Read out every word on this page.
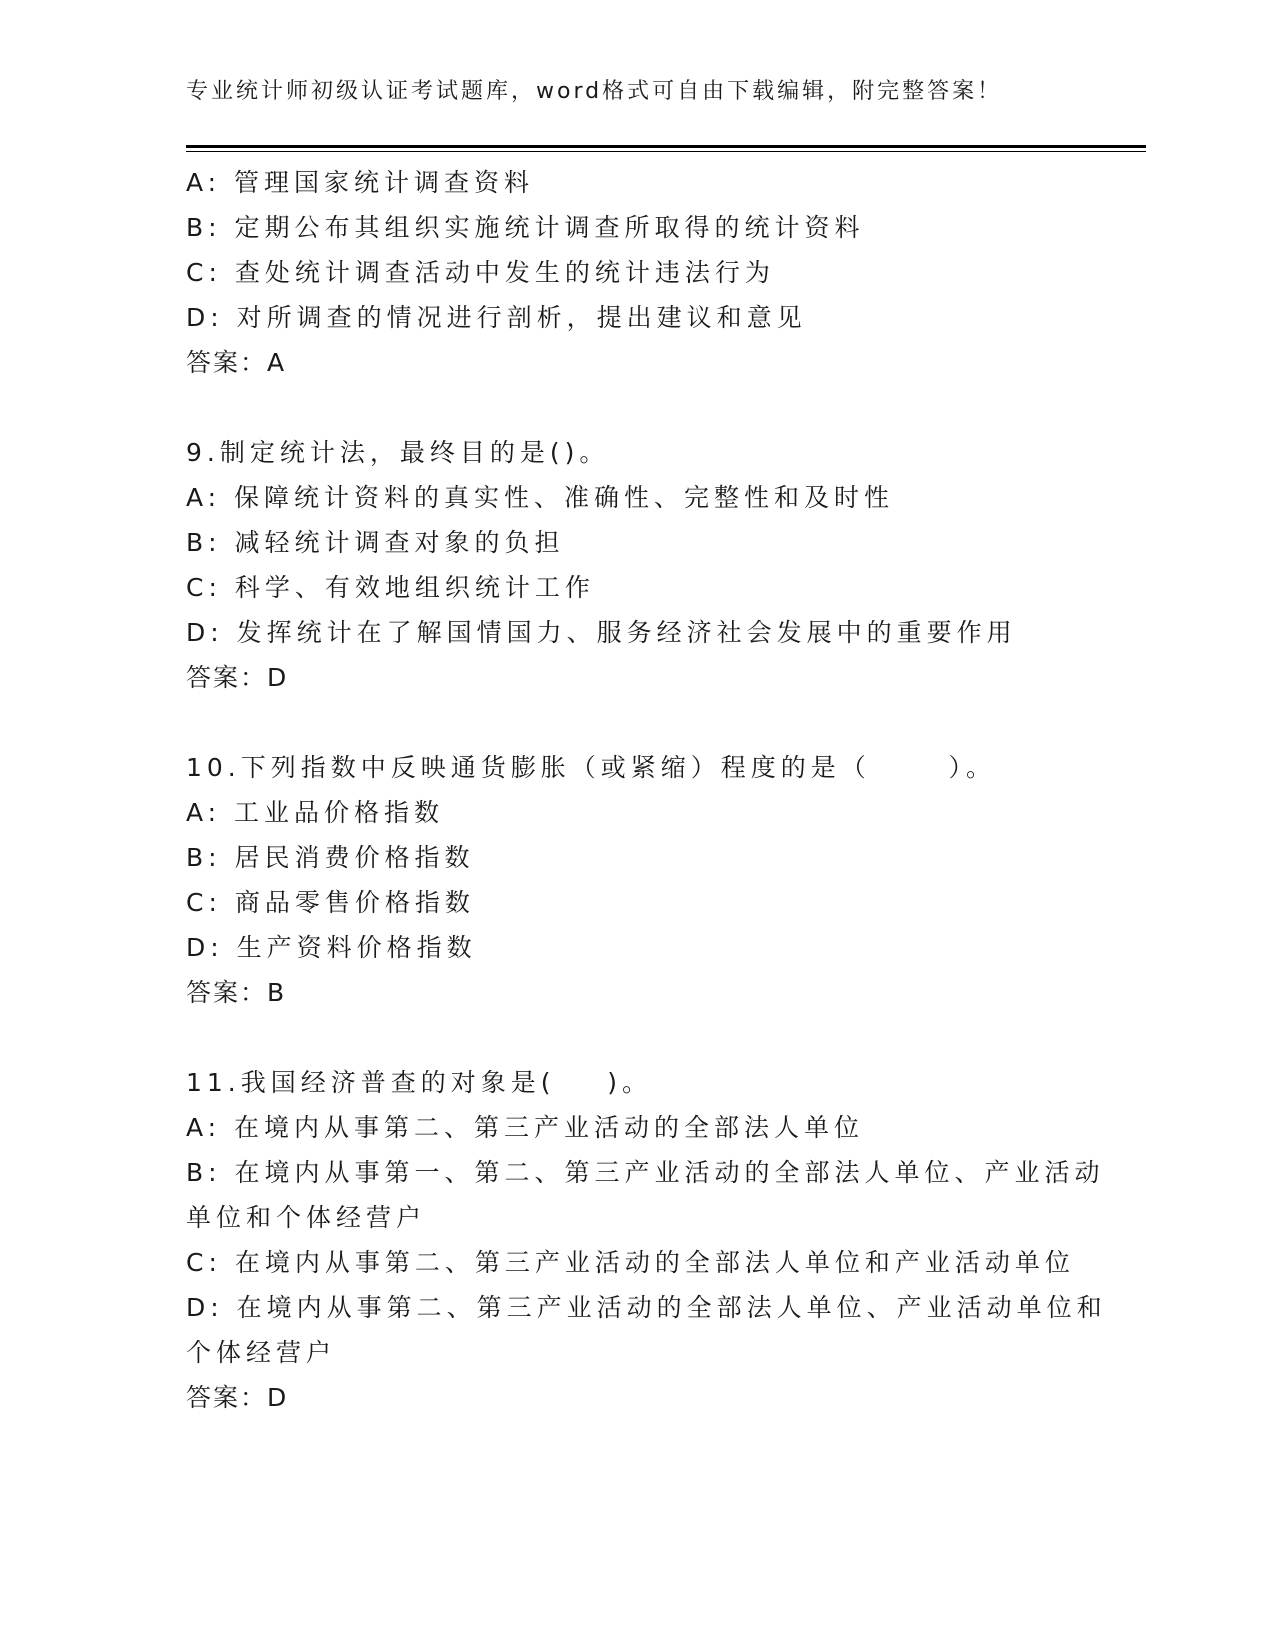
专业统计师初级认证考试题库，word格式可自由下载编辑，附完整答案！
A: 管理国家统计调查资料
B: 定期公布其组织实施统计调查所取得的统计资料
C: 查处统计调查活动中发生的统计违法行为
D: 对所调查的情况进行剖析，提出建议和意见
答案：A
9.制定统计法，最终目的是()。
A: 保障统计资料的真实性、准确性、完整性和及时性
B: 减轻统计调查对象的负担
C: 科学、有效地组织统计工作
D: 发挥统计在了解国情国力、服务经济社会发展中的重要作用
答案：D
10.下列指数中反映通货膨胀（或紧缩）程度的是（      ）。
A: 工业品价格指数
B: 居民消费价格指数
C: 商品零售价格指数
D: 生产资料价格指数
答案：B
11.我国经济普查的对象是(    )。
A: 在境内从事第二、第三产业活动的全部法人单位
B: 在境内从事第一、第二、第三产业活动的全部法人单位、产业活动
单位和个体经营户
C: 在境内从事第二、第三产业活动的全部法人单位和产业活动单位
D: 在境内从事第二、第三产业活动的全部法人单位、产业活动单位和
个体经营户
答案：D
